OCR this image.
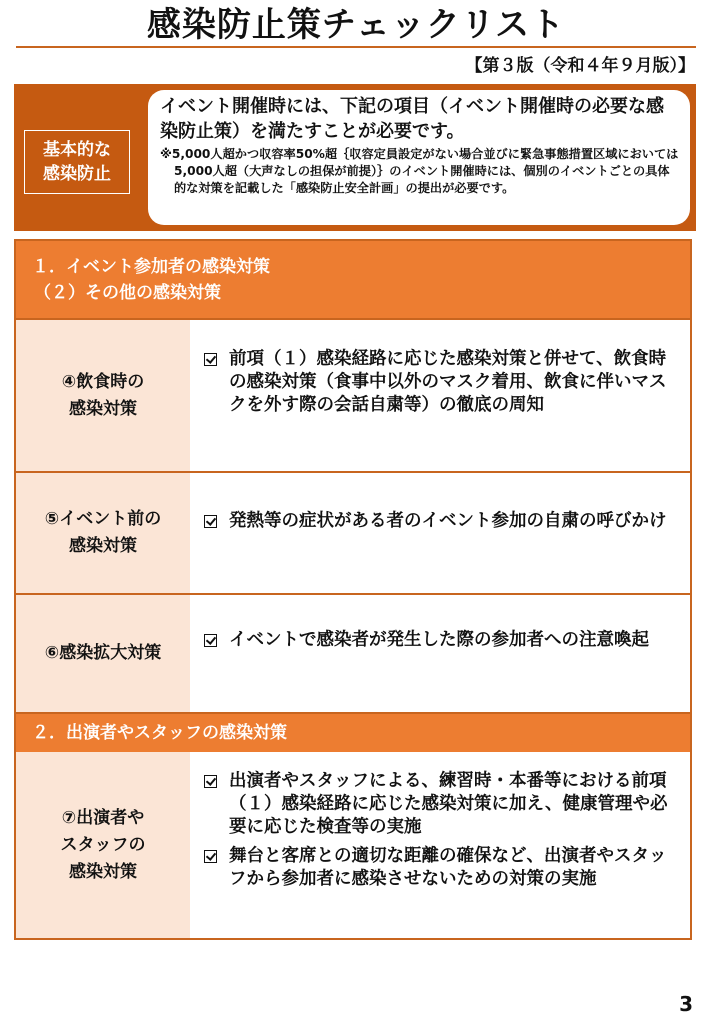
感染防止策チェックリスト
【第３版（令和４年９月版）】
基本的な
感染防止
イベント開催時には、下記の項目（イベント開催時の必要な感染防止策）を満たすことが必要です。
※5,000人超かつ収容率50%超｛収容定員設定がない場合並びに緊急事態措置区域においては5,000人超（大声なしの担保が前提）｝のイベント開催時には、個別のイベントごとの具体的な対策を記載した「感染防止安全計画」の提出が必要です。
１．イベント参加者の感染対策
（２）その他の感染対策
④飲食時の
感染対策
前項（１）感染経路に応じた感染対策と併せて、飲食時の感染対策（食事中以外のマスク着用、飲食に伴いマスクを外す際の会話自粛等）の徹底の周知
⑤イベント前の
感染対策
発熱等の症状がある者のイベント参加の自粛の呼びかけ
⑥感染拡大対策
イベントで感染者が発生した際の参加者への注意喚起
２．出演者やスタッフの感染対策
⑦出演者や
スタッフの
感染対策
出演者やスタッフによる、練習時・本番等における前項（１）感染経路に応じた感染対策に加え、健康管理や必要に応じた検査等の実施
舞台と客席との適切な距離の確保など、出演者やスタッフから参加者に感染させないための対策の実施
3
